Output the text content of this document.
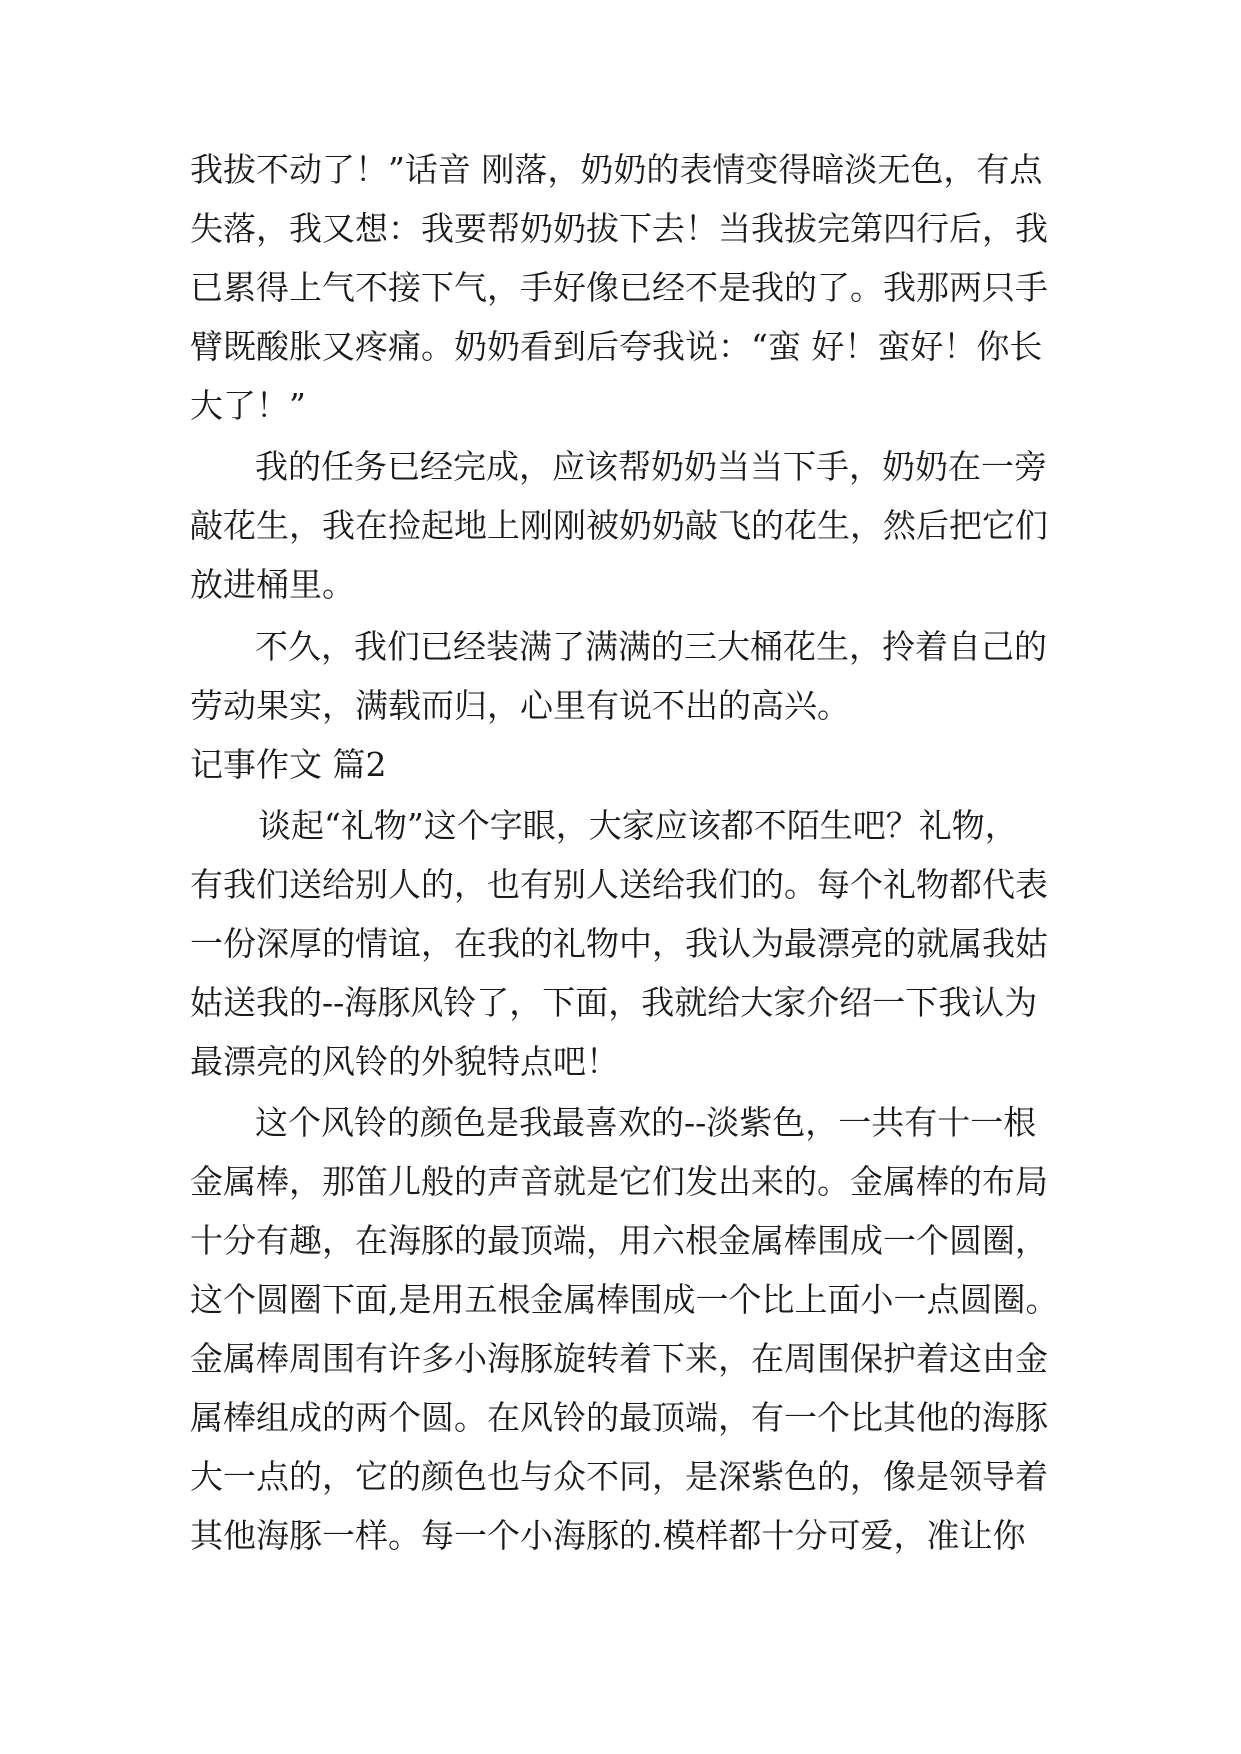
我拔不动了！”话音 刚落，奶奶的表情变得暗淡无色，有点
失落，我又想：我要帮奶奶拔下去！当我拔完第四行后，我
已累得上气不接下气，手好像已经不是我的了。我那两只手
臂既酸胀又疼痛。奶奶看到后夸我说：“蛮 好！蛮好！你长
大了！”
我的任务已经完成，应该帮奶奶当当下手，奶奶在一旁
敲花生，我在捡起地上刚刚被奶奶敲飞的花生，然后把它们
放进桶里。
不久，我们已经装满了满满的三大桶花生，拎着自己的
劳动果实，满载而归，心里有说不出的高兴。
记事作文 篇2
谈起“礼物”这个字眼，大家应该都不陌生吧？礼物，
有我们送给别人的，也有别人送给我们的。每个礼物都代表
一份深厚的情谊，在我的礼物中，我认为最漂亮的就属我姑
姑送我的--海豚风铃了，下面，我就给大家介绍一下我认为
最漂亮的风铃的外貌特点吧！
这个风铃的颜色是我最喜欢的--淡紫色，一共有十一根
金属棒，那笛儿般的声音就是它们发出来的。金属棒的布局
十分有趣，在海豚的最顶端，用六根金属棒围成一个圆圈，
这个圆圈下面,是用五根金属棒围成一个比上面小一点圆圈。
金属棒周围有许多小海豚旋转着下来，在周围保护着这由金
属棒组成的两个圆。在风铃的最顶端，有一个比其他的海豚
大一点的，它的颜色也与众不同，是深紫色的，像是领导着
其他海豚一样。每一个小海豚的.模样都十分可爱，准让你
